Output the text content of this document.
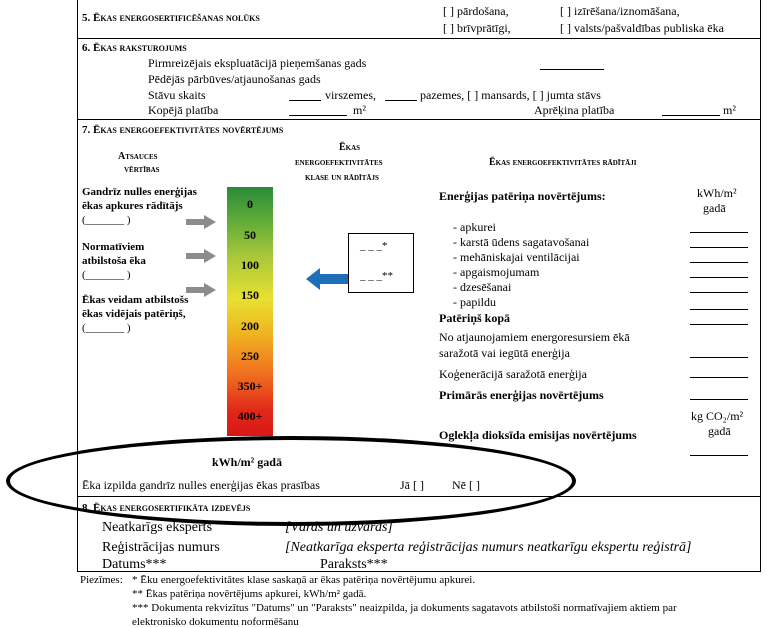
5. Ēkas energosertificēšanas nolūks	[ ] pārdošana,	[ ] izīrēšana/iznomāšana,
[ ] brīvprātīgi,	[ ] valsts/pašvaldības publiska ēka
6. Ēkas raksturojums
Pirmreizējais ekspluatācijā pieņemšanas gads
Pēdējās pārbūves/atjaunošanas gads
Stāvu skaits	virszemes,	pazemes, [ ] mansards, [ ] jumta stāvs
Kopējā platība	m²	Aprēķina platība	m²
7. Ēkas energoefektivitātes novērtējums
Atsauces
vērtības
Ēkas
energoefektivitātes
klase un rādītājs
Ēkas energoefektivitātes rādītāji
Gandrīz nulles enerģijas
ēkas apkures rādītājs
(_______ )
Normatīviem
atbilstoša ēka
(_______ )
Ēkas veidam atbilstošs
ēkas vidējais patēriņš,
(_______ )
0
50
100
150
200
250
350+
400+
_ _ _*
_ _ _**
kWh/m² gadā
Enerģijas patēriņa novērtējums:	kWh/m²
gadā
- apkurei
- karstā ūdens sagatavošanai
- mehāniskajai ventilācijai
- apgaismojumam
- dzesēšanai
- papildu
Patēriņš kopā
No atjaunojamiem energoresursiem ēkā
saražotā vai iegūtā enerģija
Koģenerācijā saražotā enerģija
Primārās enerģijas novērtējums
kg CO₂/m²
gadā
Oglekļa dioksīda emisijas novērtējums
Ēka izpilda gandrīz nulles enerģijas ēkas prasības	Jā [ ] Nē [ ]
8. Ēkas energosertifikāta izdevējs
Neatkarīgs eksperts	[Vārds un uzvārds]
Reģistrācijas numurs	[Neatkarīga eksperta reģistrācijas numurs neatkarīgu ekspertu reģistrā]
Datums***	Paraksts***
Piezīmes: * Ēku energoefektivitātes klase saskaņā ar ēkas patēriņa novērtējumu apkurei.
** Ēkas patēriņa novērtējums apkurei, kWh/m² gadā.
*** Dokumenta rekvizītus "Datums" un "Paraksts" neaizpilda, ja dokuments sagatavots atbilstoši normatīvajiem aktiem par
elektronisko dokumentu noformēšanu
